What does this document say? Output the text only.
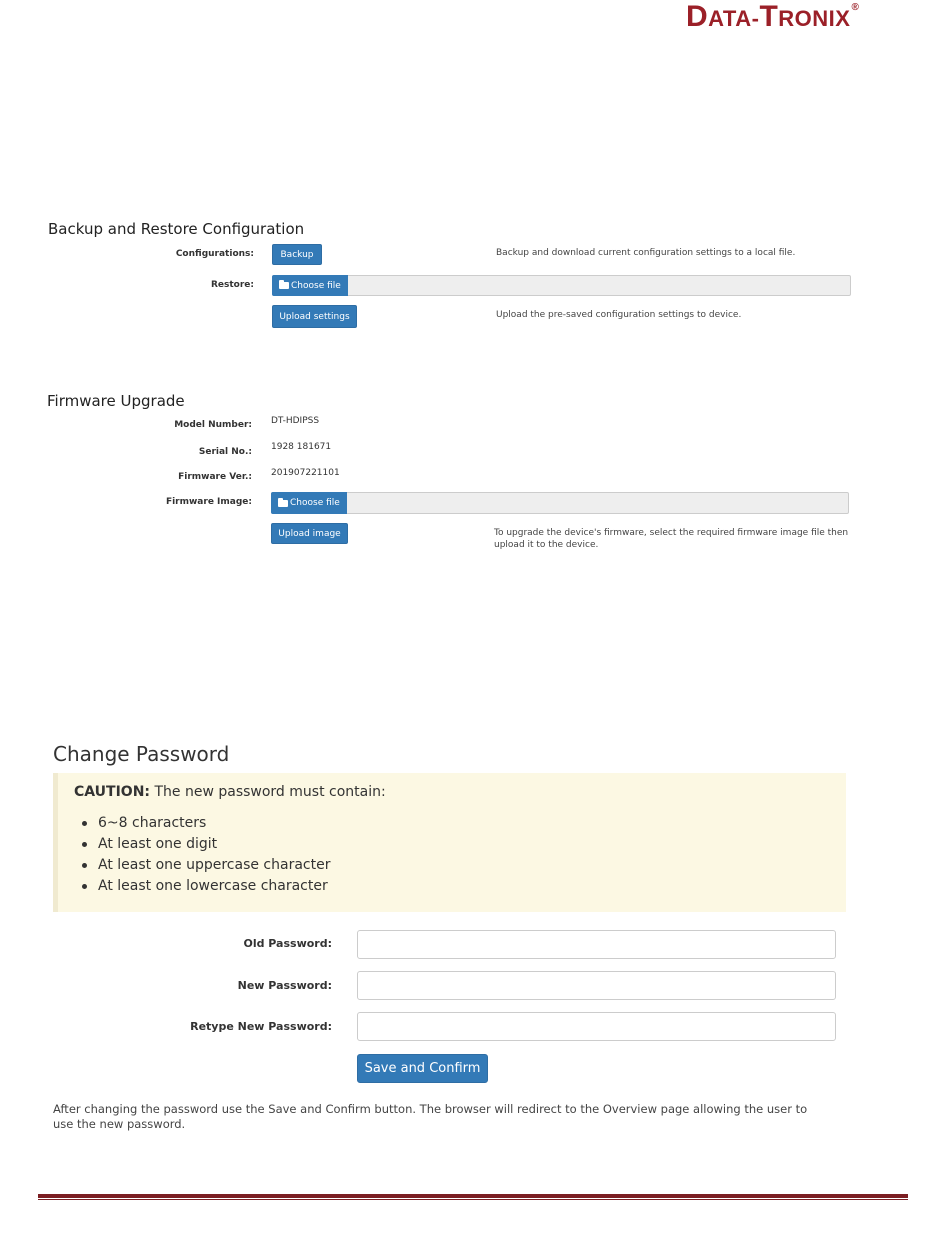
DATA-TRONIX®
Backup and Restore Configuration
Configurations:	Backup	Backup and download current configuration settings to a local file.
Restore:	Choose file
Upload settings	Upload the pre-saved configuration settings to device.
Firmware Upgrade
Model Number: DT-HDIPSS
Serial No.: 1928 181671
Firmware Ver.: 201907221101
Firmware Image:	Choose file
Upload image	To upgrade the device's firmware, select the required firmware image file then upload it to the device.
Change Password
CAUTION: The new password must contain:
6~8 characters
At least one digit
At least one uppercase character
At least one lowercase character
Old Password:
New Password:
Retype New Password:
Save and Confirm
After changing the password use the Save and Confirm button. The browser will redirect to the Overview page allowing the user to use the new password.
